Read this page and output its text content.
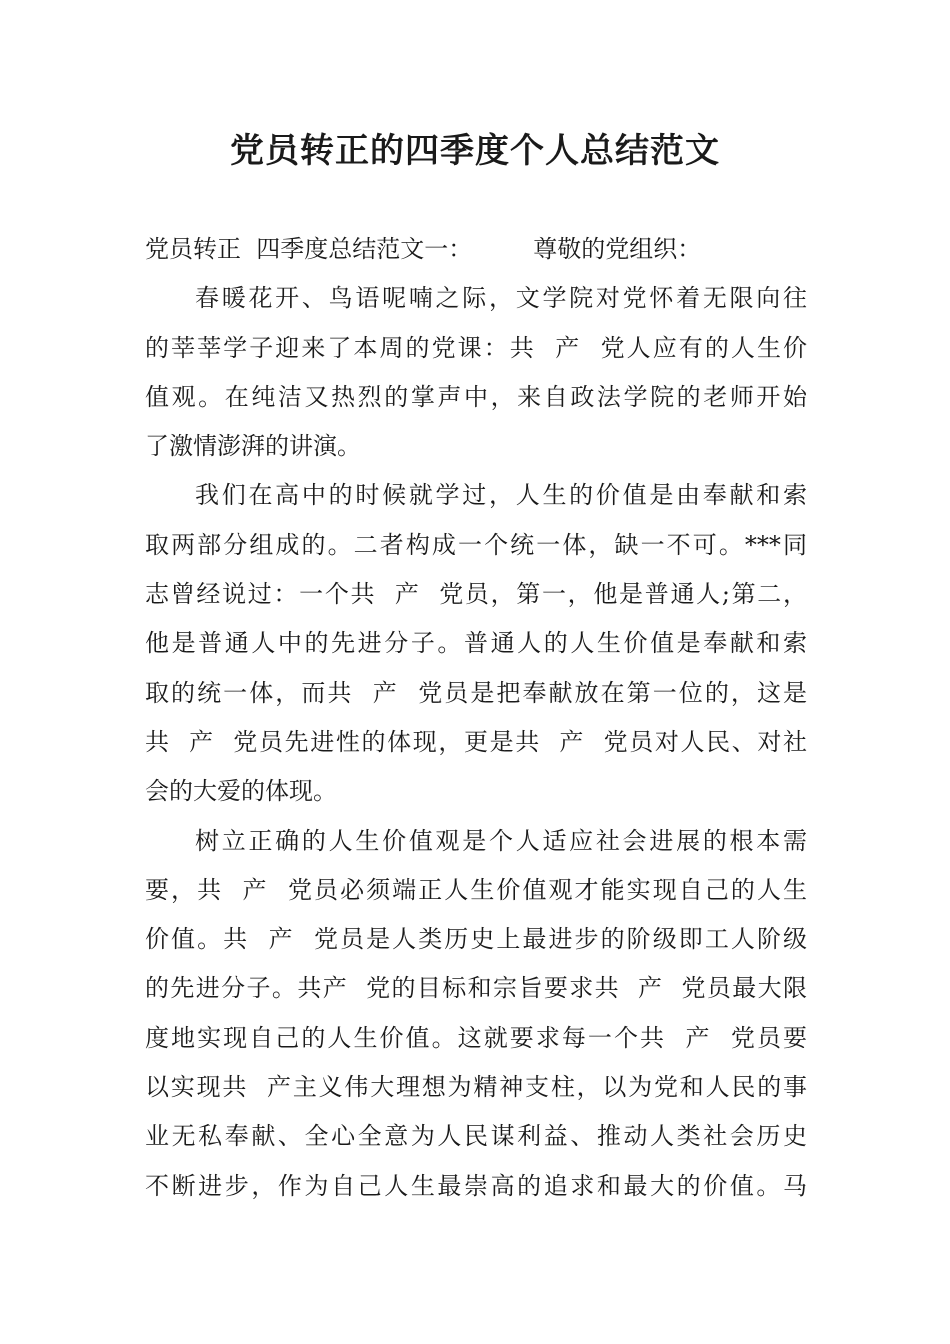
党员转正的四季度个人总结范文
党员转正  四季度总结范文一：        尊敬的党组织：
春暖花开、鸟语呢喃之际，文学院对党怀着无限向往
的莘莘学子迎来了本周的党课：共  产  党人应有的人生价
值观。在纯洁又热烈的掌声中，来自政法学院的老师开始
了激情澎湃的讲演。
我们在高中的时候就学过，人生的价值是由奉献和索
取两部分组成的。二者构成一个统一体，缺一不可。***同
志曾经说过：一个共  产  党员，第一，他是普通人;第二，
他是普通人中的先进分子。普通人的人生价值是奉献和索
取的统一体，而共  产  党员是把奉献放在第一位的，这是
共  产  党员先进性的体现，更是共  产  党员对人民、对社
会的大爱的体现。
树立正确的人生价值观是个人适应社会进展的根本需
要，共  产  党员必须端正人生价值观才能实现自己的人生
价值。共  产  党员是人类历史上最进步的阶级即工人阶级
的先进分子。共产  党的目标和宗旨要求共  产  党员最大限
度地实现自己的人生价值。这就要求每一个共  产  党员要
以实现共  产主义伟大理想为精神支柱，以为党和人民的事
业无私奉献、全心全意为人民谋利益、推动人类社会历史
不断进步，作为自己人生最崇高的追求和最大的价值。马
